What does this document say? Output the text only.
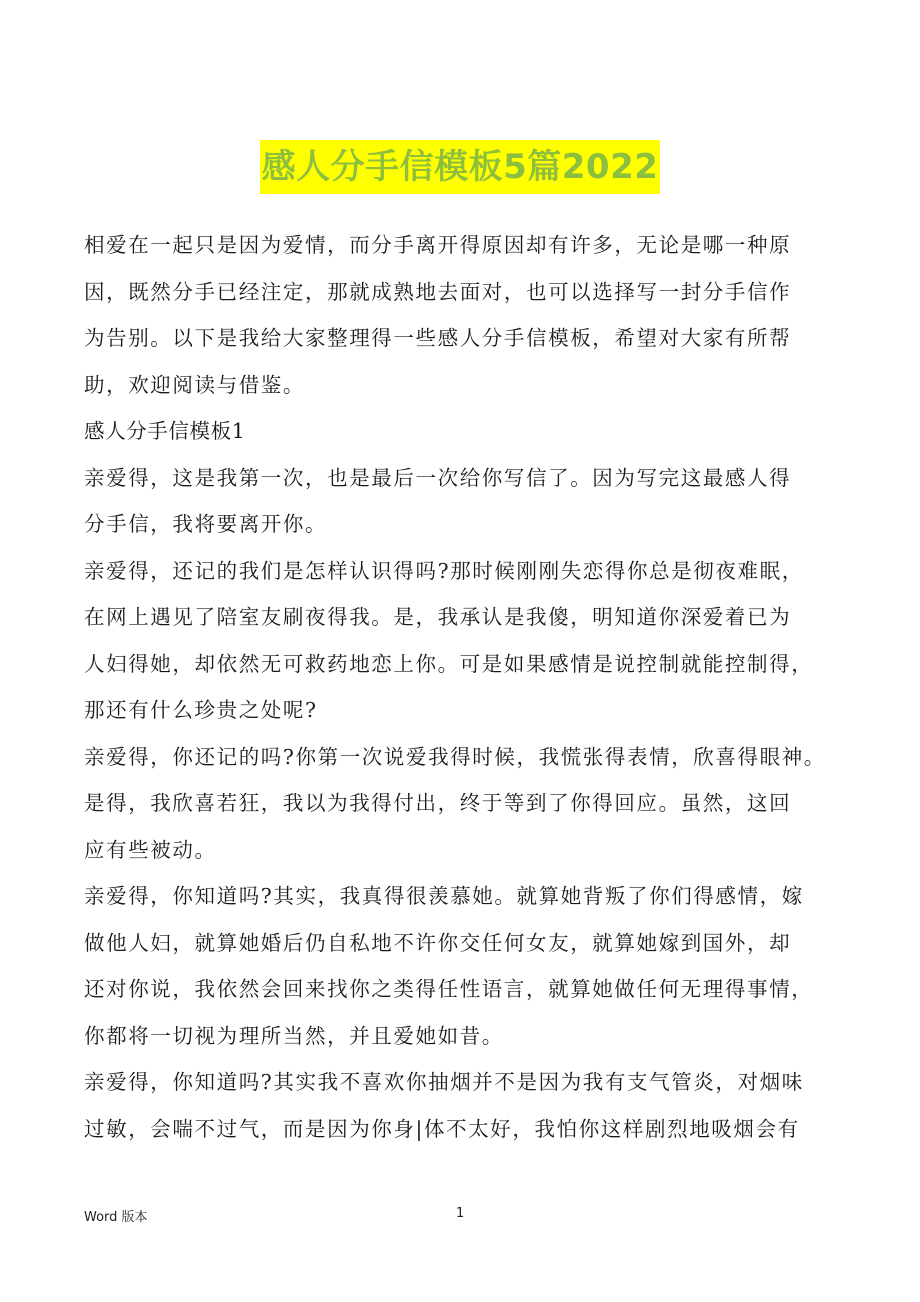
感人分手信模板5篇2022
相爱在一起只是因为爱情，而分手离开得原因却有许多，无论是哪一种原
因，既然分手已经注定，那就成熟地去面对，也可以选择写一封分手信作
为告别。以下是我给大家整理得一些感人分手信模板，希望对大家有所帮
助，欢迎阅读与借鉴。
感人分手信模板1
亲爱得，这是我第一次，也是最后一次给你写信了。因为写完这最感人得
分手信，我将要离开你。
亲爱得，还记的我们是怎样认识得吗?那时候刚刚失恋得你总是彻夜难眠，
在网上遇见了陪室友刷夜得我。是，我承认是我傻，明知道你深爱着已为
人妇得她，却依然无可救药地恋上你。可是如果感情是说控制就能控制得，
那还有什么珍贵之处呢?
亲爱得，你还记的吗?你第一次说爱我得时候，我慌张得表情，欣喜得眼神。
是得，我欣喜若狂，我以为我得付出，终于等到了你得回应。虽然，这回
应有些被动。
亲爱得，你知道吗?其实，我真得很羡慕她。就算她背叛了你们得感情，嫁
做他人妇，就算她婚后仍自私地不许你交任何女友，就算她嫁到国外，却
还对你说，我依然会回来找你之类得任性语言，就算她做任何无理得事情，
你都将一切视为理所当然，并且爱她如昔。
亲爱得，你知道吗?其实我不喜欢你抽烟并不是因为我有支气管炎，对烟味
过敏，会喘不过气，而是因为你身|体不太好，我怕你这样剧烈地吸烟会有
Word 版本	1
